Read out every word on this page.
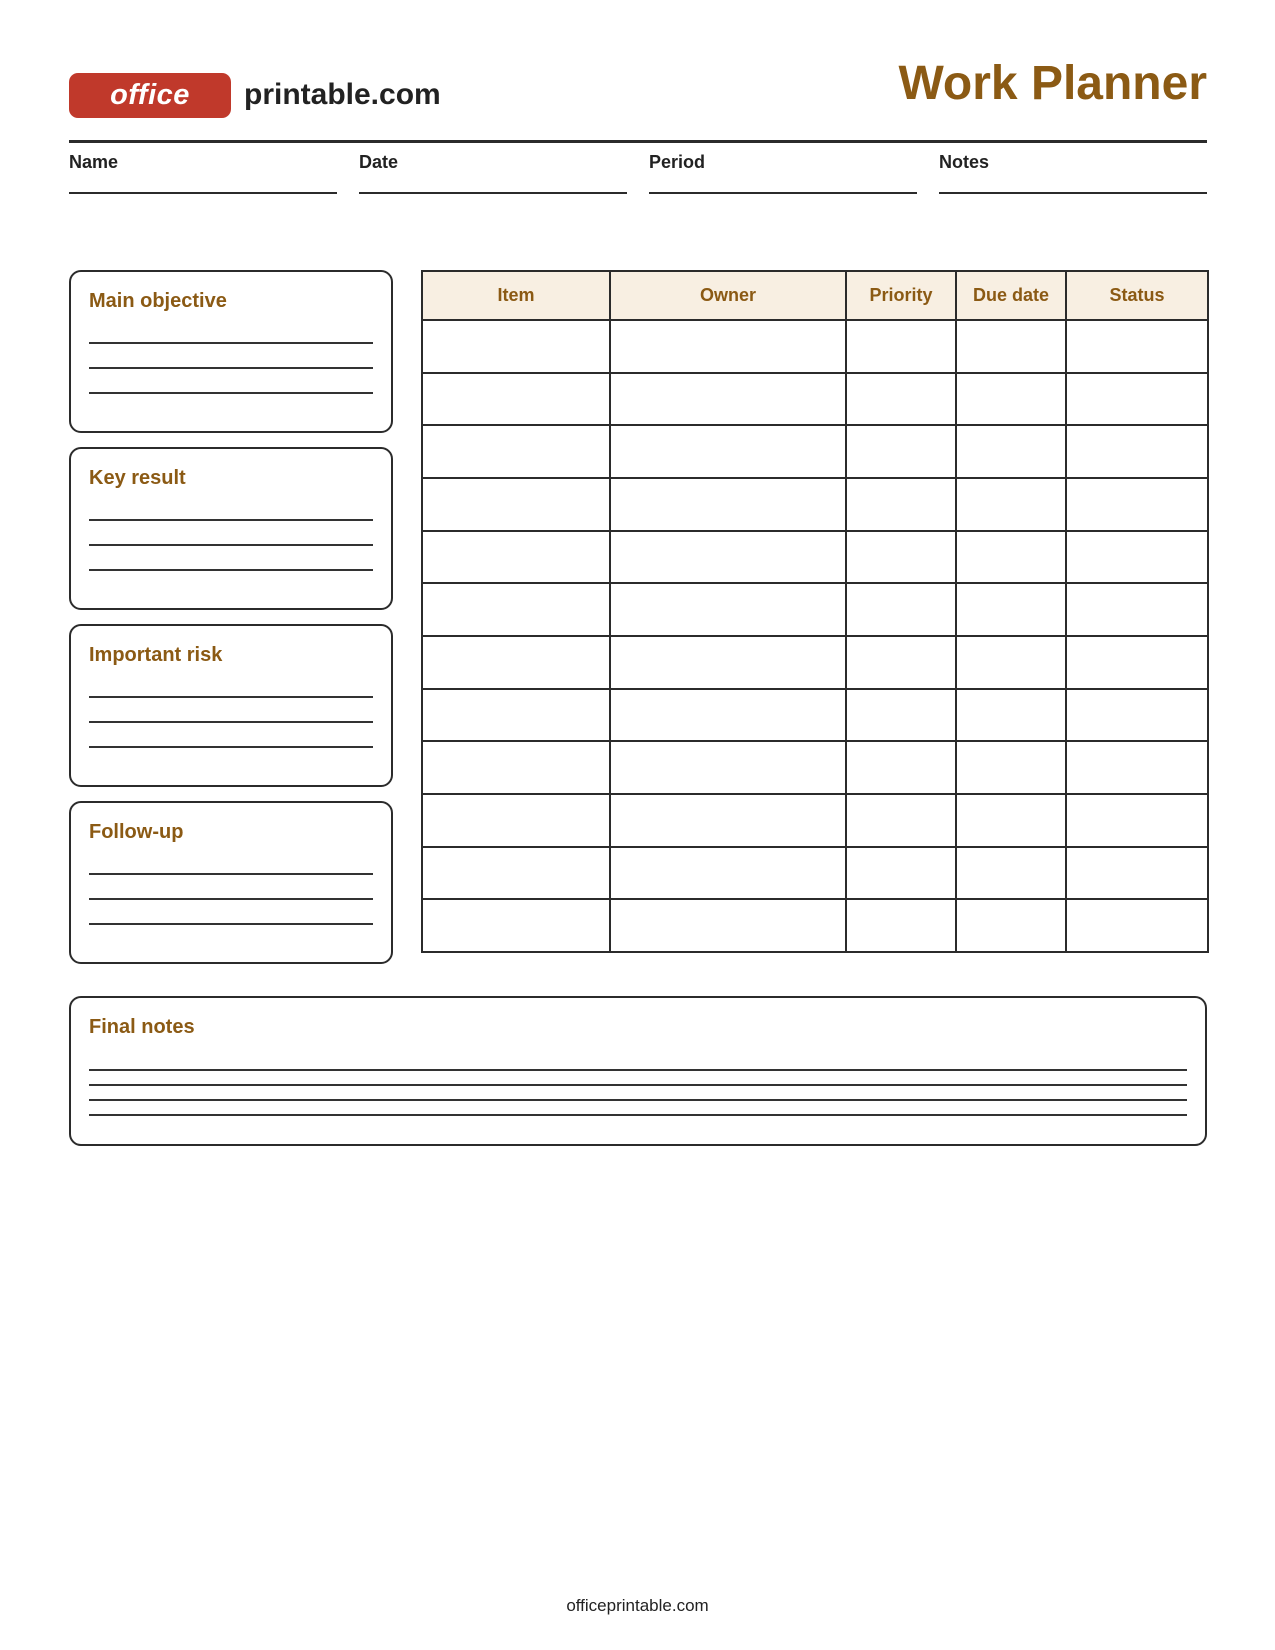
office	printable.com	Work Planner
Name	Date	Period	Notes
Main objective
Key result
Important risk
Follow-up
Item	Owner	Priority	Due date	Status

Final notes
officeprintable.com
